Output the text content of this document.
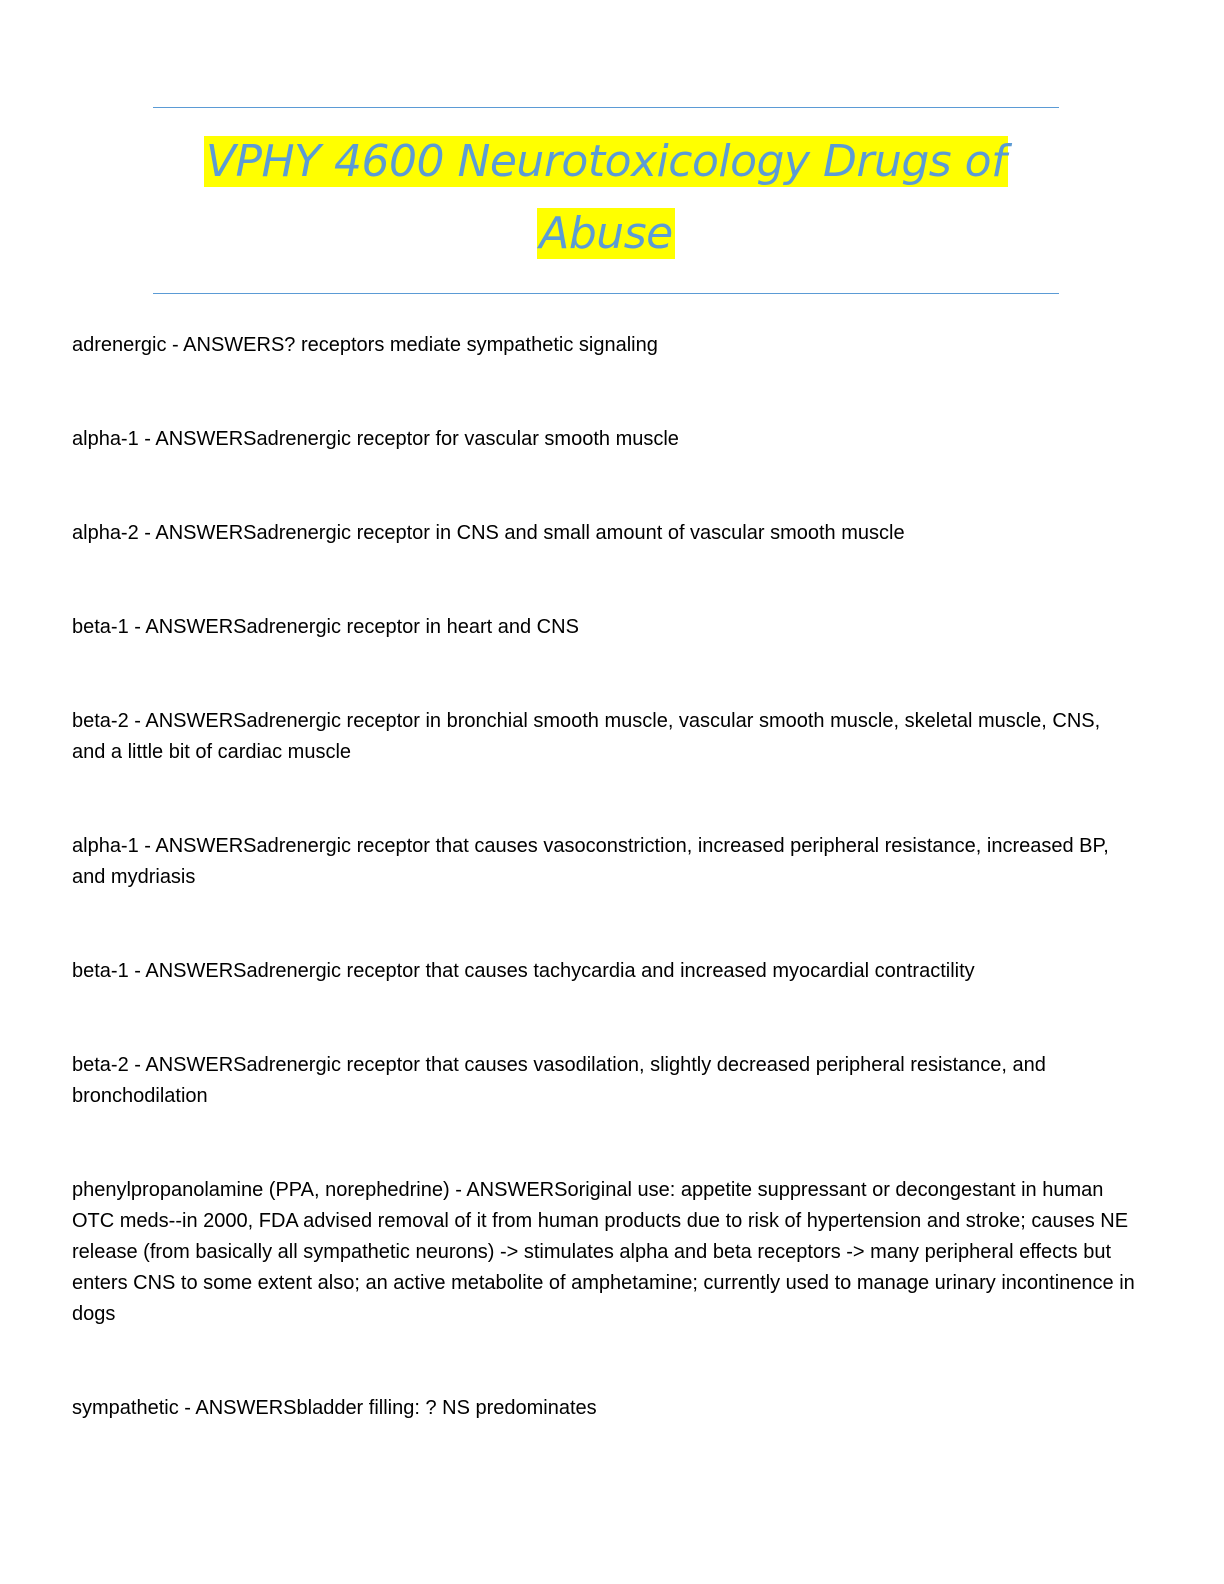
VPHY 4600 Neurotoxicology Drugs of Abuse
adrenergic - ANSWERS? receptors mediate sympathetic signaling
alpha-1 - ANSWERSadrenergic receptor for vascular smooth muscle
alpha-2 - ANSWERSadrenergic receptor in CNS and small amount of vascular smooth muscle
beta-1 - ANSWERSadrenergic receptor in heart and CNS
beta-2 - ANSWERSadrenergic receptor in bronchial smooth muscle, vascular smooth muscle, skeletal muscle, CNS, and a little bit of cardiac muscle
alpha-1 - ANSWERSadrenergic receptor that causes vasoconstriction, increased peripheral resistance, increased BP, and mydriasis
beta-1 - ANSWERSadrenergic receptor that causes tachycardia and increased myocardial contractility
beta-2 - ANSWERSadrenergic receptor that causes vasodilation, slightly decreased peripheral resistance, and bronchodilation
phenylpropanolamine (PPA, norephedrine) - ANSWERSoriginal use: appetite suppressant or decongestant in human OTC meds--in 2000, FDA advised removal of it from human products due to risk of hypertension and stroke; causes NE release (from basically all sympathetic neurons) -> stimulates alpha and beta receptors -> many peripheral effects but enters CNS to some extent also; an active metabolite of amphetamine; currently used to manage urinary incontinence in dogs
sympathetic - ANSWERSbladder filling: ? NS predominates
